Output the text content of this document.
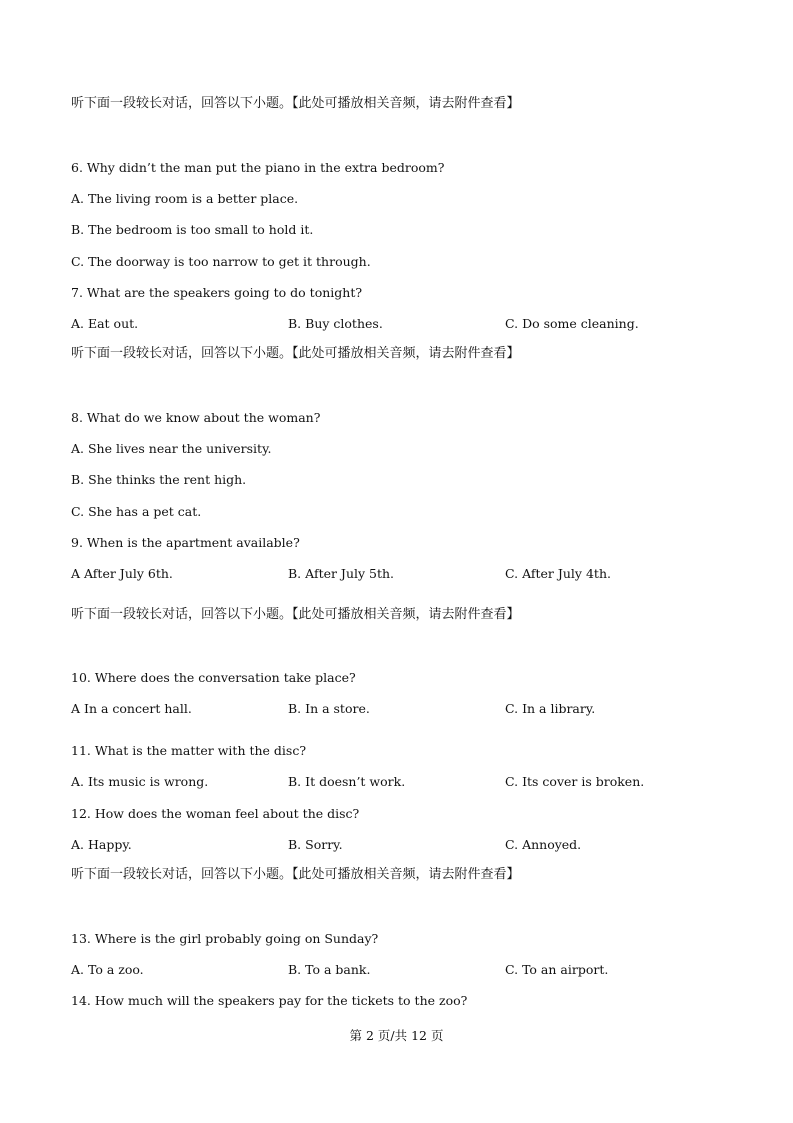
听下面一段较长对话，回答以下小题。【此处可播放相关音频，请去附件查看】
6. Why didn’t the man put the piano in the extra bedroom?
A. The living room is a better place.
B. The bedroom is too small to hold it.
C. The doorway is too narrow to get it through.
7. What are the speakers going to do tonight?
A. Eat out.	B. Buy clothes.	C. Do some cleaning.
听下面一段较长对话，回答以下小题。【此处可播放相关音频，请去附件查看】
8. What do we know about the woman?
A. She lives near the university.
B. She thinks the rent high.
C. She has a pet cat.
9. When is the apartment available?
A After July 6th.	B. After July 5th.	C. After July 4th.
听下面一段较长对话，回答以下小题。【此处可播放相关音频，请去附件查看】
10. Where does the conversation take place?
A In a concert hall.	B. In a store.	C. In a library.
11. What is the matter with the disc?
A. Its music is wrong.	B. It doesn’t work.	C. Its cover is broken.
12. How does the woman feel about the disc?
A. Happy.	B. Sorry.	C. Annoyed.
听下面一段较长对话，回答以下小题。【此处可播放相关音频，请去附件查看】
13. Where is the girl probably going on Sunday?
A. To a zoo.	B. To a bank.	C. To an airport.
14. How much will the speakers pay for the tickets to the zoo?
第 2 页/共 12 页
